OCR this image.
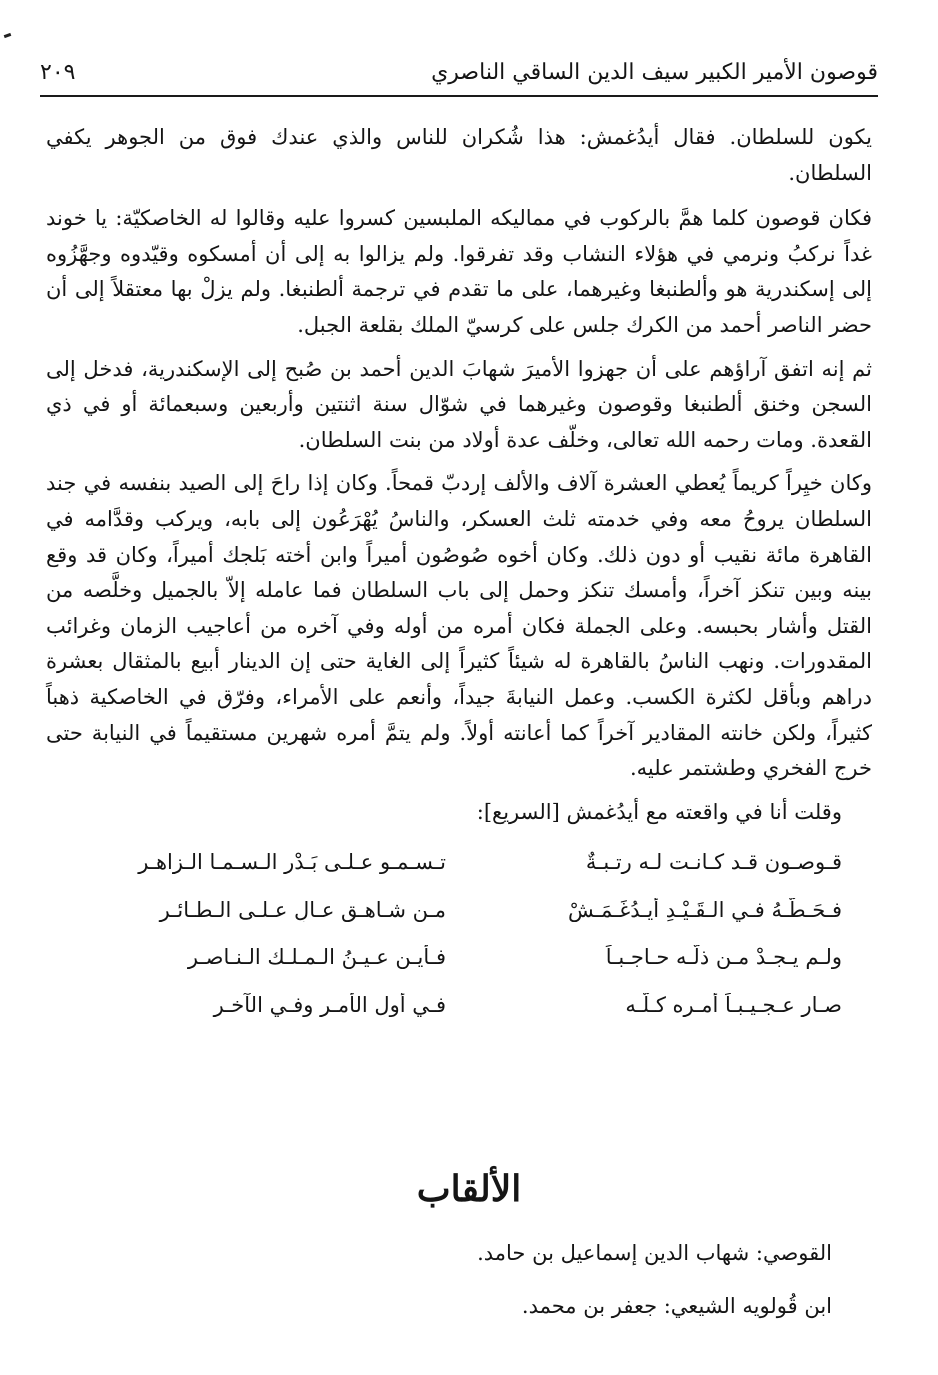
قوصون الأمير الكبير سيف الدين الساقي الناصري
٢٠٩

يكون للسلطان. فقال أيدُغمش: هذا شُكران للناس والذي عندك فوق من الجوهر يكفي السلطان.

فكان قوصون كلما همَّ بالركوب في مماليكه الملبسين كسروا عليه وقالوا له الخاصكيّة: يا خوند غداً نركبُ ونرمي في هؤلاء النشاب وقد تفرقوا. ولم يزالوا به إلى أن أمسكوه وقيّدوه وجهَّزُوه إلى إسكندرية هو وألطنبغا وغيرهما، على ما تقدم في ترجمة ألطنبغا. ولم يزلْ بها معتقلاً إلى أن حضر الناصر أحمد من الكرك جلس على كرسيّ الملك بقلعة الجبل.

ثم إنه اتفق آراؤهم على أن جهزوا الأميرَ شهابَ الدين أحمد بن صُبح إلى الإسكندرية، فدخل إلى السجن وخنق ألطنبغا وقوصون وغيرهما في شوّال سنة اثنتين وأربعين وسبعمائة أو في ذي القعدة. ومات رحمه الله تعالى، وخلّف عدة أولاد من بنت السلطان.

وكان خيِراً كريماً يُعطي العشرة آلاف والألف إردبّ قمحاً. وكان إذا راحَ إلى الصيد بنفسه في جند السلطان يروحُ معه وفي خدمته ثلث العسكر، والناسُ يُهْرَعُون إلى بابه، ويركب وقدَّامه في القاهرة مائة نقيب أو دون ذلك. وكان أخوه صُوصُون أميراً وابن أخته بَلجك أميراً، وكان قد وقع بينه وبين تنكز آخراً، وأمسك تنكز وحمل إلى باب السلطان فما عامله إلاّ بالجميل وخلَّصه من القتل وأشار بحبسه. وعلى الجملة فكان أمره من أوله وفي آخره من أعاجيب الزمان وغرائب المقدورات. ونهب الناسُ بالقاهرة له شيئاً كثيراً إلى الغاية حتى إن الدينار أبيع بالمثقال بعشرة دراهم وبأقل لكثرة الكسب. وعمل النيابةَ جيداً، وأنعم على الأمراء، وفرّق في الخاصكية ذهباً كثيراً، ولكن خانته المقادير آخراً كما أعانته أولاً. ولم يتمَّ أمره شهرين مستقيماً في النيابة حتى خرج الفخري وطشتمر عليه.

وقلت أنا في واقعته مع أيدُغمش [السريع]:

قـوصـون قـد كـانـت لـه رتـبـةٌ
تـسـمـو عـلـى بَـدْرِ الـسـمـا الـزاهـرِ
فـحَـطَّـهُ فـي الـقَـيْـدِ أَيـدُغَـمَـشْ
مـن شـاهـقٍ عـالٍ عـلـى الـطـائـرِ
ولـم يـجـدْ مـن ذلّـه حـاجـبـاً
فـأيـن عـيـنُ الـمـلـك الـنـاصـرِ
صـار عـجـيـبـاً أمـره كـلُّـه
فـي أولِ الأمـرِ وفـي الآخـرِ
الألقاب
القوصي: شهاب الدين إسماعيل بن حامد.
ابن قُولويه الشيعي: جعفر بن محمد.
